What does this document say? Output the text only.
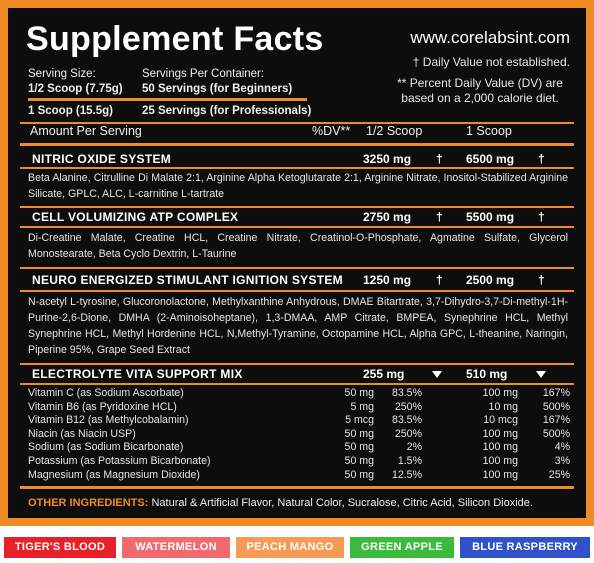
Supplement Facts	www.corelabsint.com
† Daily Value not established.
** Percent Daily Value (DV) are based on a 2,000 calorie diet.
Serving Size:	Servings Per Container:
1/2 Scoop (7.75g) 50 Servings (for Beginners)
1 Scoop (15.5g)	25 Servings (for Professionals)
Amount Per Serving	%DV** 1/2 Scoop	1 Scoop
NITRIC OXIDE SYSTEM	3250 mg † 6500 mg †
Beta Alanine, Citrulline Di Malate 2:1, Arginine Alpha Ketoglutarate 2:1, Arginine Nitrate, Inositol-Stabilized Arginine Silicate, GPLC, ALC, L-carnitine L-tartrate
CELL VOLUMIZING ATP COMPLEX	2750 mg † 5500 mg †
Di-Creatine Malate, Creatine HCL, Creatine Nitrate, Creatinol-O-Phosphate, Agmatine Sulfate, Glycerol Monostearate, Beta Cyclo Dextrin, L-Taurine
NEURO ENERGIZED STIMULANT IGNITION SYSTEM 1250 mg † 2500 mg †
N-acetyl L-tyrosine, Glucoronolactone, Methylxanthine Anhydrous, DMAE Bitartrate, 3,7-Dihydro-3,7-Di-methyl-1H-Purine-2,6-Dione, DMHA (2-Aminoisoheptane), 1,3-DMAA, AMP Citrate, BMPEA, Synephrine HCL, Methyl Synephrine HCL, Methyl Hordenine HCL, N,Methyl-Tyramine, Octopamine HCL, Alpha GPC, L-theanine, Naringin, Piperine 95%, Grape Seed Extract
ELECTROLYTE VITA SUPPORT MIX	255 mg	510 mg
Vitamin C (as Sodium Ascorbate)	50 mg 83.5%	100 mg 167%
Vitamin B6 (as Pyridoxine HCL)	5 mg 250%	10 mg 500%
Vitamin B12 (as Methylcobalamin)	5 mcg 83.5%	10 mcg 167%
Niacin (as Niacin USP)	50 mg 250%	100 mg 500%
Sodium (as Sodium Bicarbonate)	50 mg	2%	100 mg	4%
Potassium (as Potassium Bicarbonate)	50 mg 1.5%	100 mg	3%
Magnesium (as Magnesium Dioxide)	50 mg 12.5%	100 mg	25%
OTHER INGREDIENTS: Natural & Artificial Flavor, Natural Color, Sucralose, Citric Acid, Silicon Dioxide.
TIGER'S BLOOD	WATERMELON	PEACH MANGO	GREEN APPLE	BLUE RASPBERRY
